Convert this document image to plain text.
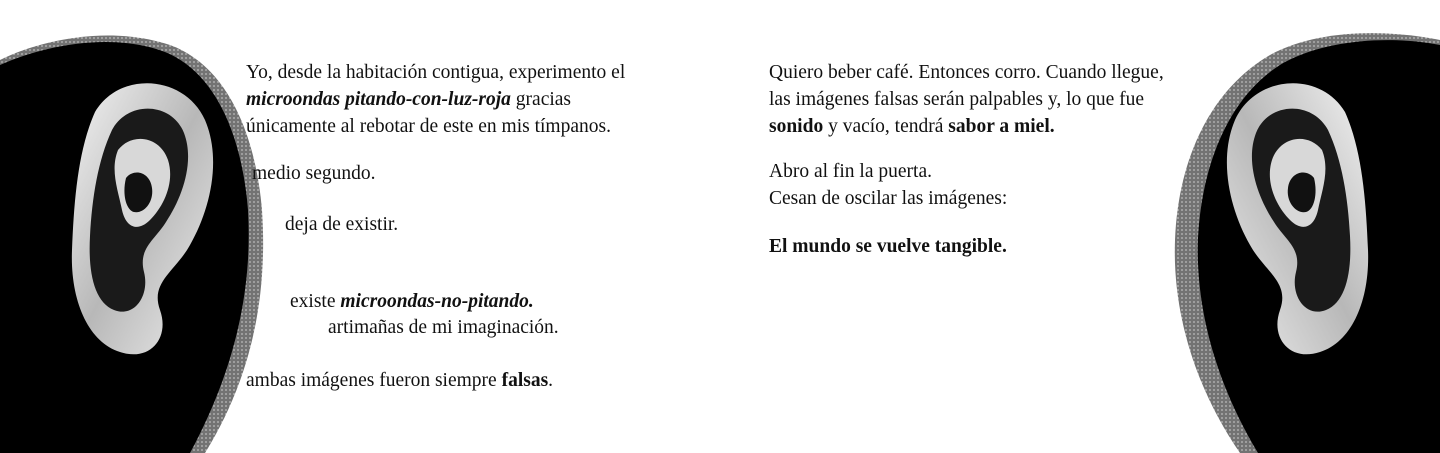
Yo, desde la habitación contigua, experimento el

microondas pitando-con-luz-roja gracias

únicamente al rebotar de este en mis tímpanos.

medio segundo.
deja de existir.
existe microondas-no-pitando.
artimañas de mi imaginación.
ambas imágenes fueron siempre falsas.

Quiero beber café. Entonces corro. Cuando llegue,

las imágenes falsas serán palpables y, lo que fue

sonido y vacío, tendrá sabor a miel.

Abro al fin la puerta.

Cesan de oscilar las imágenes:

El mundo se vuelve tangible.
